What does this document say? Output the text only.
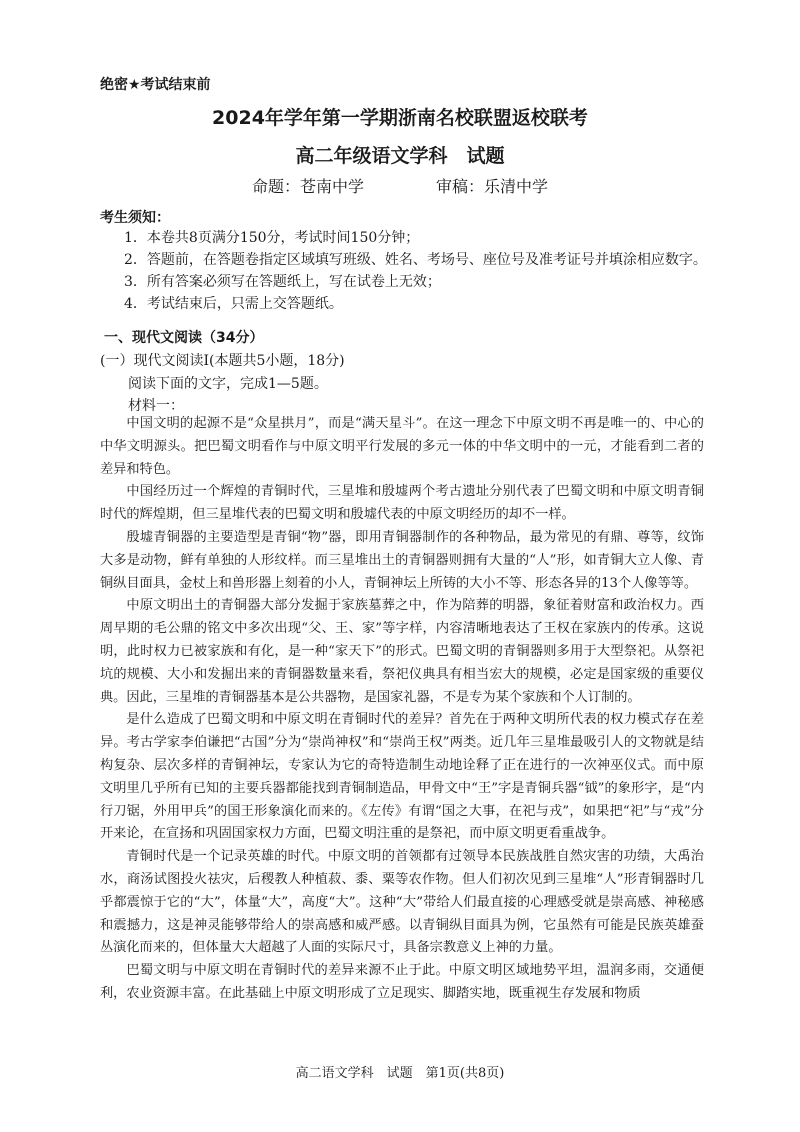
绝密★考试结束前
2024年学年第一学期浙南名校联盟返校联考
高二年级语文学科　试题
命题：苍南中学	审稿：乐清中学
考生须知：
1．本卷共8页满分150分，考试时间150分钟；
2．答题前，在答题卷指定区域填写班级、姓名、考场号、座位号及准考证号并填涂相应数字。
3．所有答案必须写在答题纸上，写在试卷上无效；
4．考试结束后，只需上交答题纸。
一、现代文阅读（34分）
(一）现代文阅读Ⅰ(本题共5小题，18分)
阅读下面的文字，完成1—5题。
材料一：

中国文明的起源不是“众星拱月”，而是“满天星斗”。在这一理念下中原文明不再是唯一的、中心的中华文明源头。把巴蜀文明看作与中原文明平行发展的多元一体的中华文明中的一元，才能看到二者的差异和特色。

中国经历过一个辉煌的青铜时代，三星堆和殷墟两个考古遗址分别代表了巴蜀文明和中原文明青铜时代的辉煌期，但三星堆代表的巴蜀文明和殷墟代表的中原文明经历的却不一样。

殷墟青铜器的主要造型是青铜“物”器，即用青铜器制作的各种物品，最为常见的有鼎、尊等，纹饰大多是动物，鲜有单独的人形纹样。而三星堆出土的青铜器则拥有大量的“人”形，如青铜大立人像、青铜纵目面具，金杖上和兽形器上刻着的小人，青铜神坛上所铸的大小不等、形态各异的13个人像等等。

中原文明出土的青铜器大部分发掘于家族墓葬之中，作为陪葬的明器，象征着财富和政治权力。西周早期的毛公鼎的铭文中多次出现“父、王、家”等字样，内容清晰地表达了王权在家族内的传承。这说明，此时权力已被家族和有化，是一种“家天下”的形式。巴蜀文明的青铜器则多用于大型祭祀。从祭祀坑的规模、大小和发掘出来的青铜器数量来看，祭祀仪典具有相当宏大的规模，必定是国家级的重要仪典。因此，三星堆的青铜器基本是公共器物，是国家礼器，不是专为某个家族和个人订制的。

是什么造成了巴蜀文明和中原文明在青铜时代的差异？首先在于两种文明所代表的权力模式存在差异。考古学家李伯谦把“古国”分为“崇尚神权”和“崇尚王权”两类。近几年三星堆最吸引人的文物就是结构复杂、层次多样的青铜神坛，专家认为它的奇特造制生动地诠释了正在进行的一次神巫仪式。而中原文明里几乎所有已知的主要兵器都能找到青铜制造品，甲骨文中“王”字是青铜兵器“钺”的象形字，是“内行刀锯，外用甲兵”的国王形象演化而来的。《左传》有谓“国之大事，在祀与戎”，如果把“祀”与“戎”分开来论，在宣扬和巩固国家权力方面，巴蜀文明注重的是祭祀，而中原文明更看重战争。

青铜时代是一个记录英雄的时代。中原文明的首领都有过领导本民族战胜自然灾害的功绩，大禹治水，商汤试图投火祛灾，后稷教人种植菽、黍、粟等农作物。但人们初次见到三星堆“人”形青铜器时几乎都震惊于它的“大”，体量“大”，高度“大”。这种“大”带给人们最直接的心理感受就是崇高感、神秘感和震撼力，这是神灵能够带给人的崇高感和威严感。以青铜纵目面具为例，它虽然有可能是民族英雄蚕丛演化而来的，但体量大大超越了人面的实际尺寸，具备宗教意义上神的力量。

巴蜀文明与中原文明在青铜时代的差异来源不止于此。中原文明区域地势平坦，温润多雨，交通便利，农业资源丰富。在此基础上中原文明形成了立足现实、脚踏实地，既重视生存发展和物质

高二语文学科　试题　第1页(共8页)
